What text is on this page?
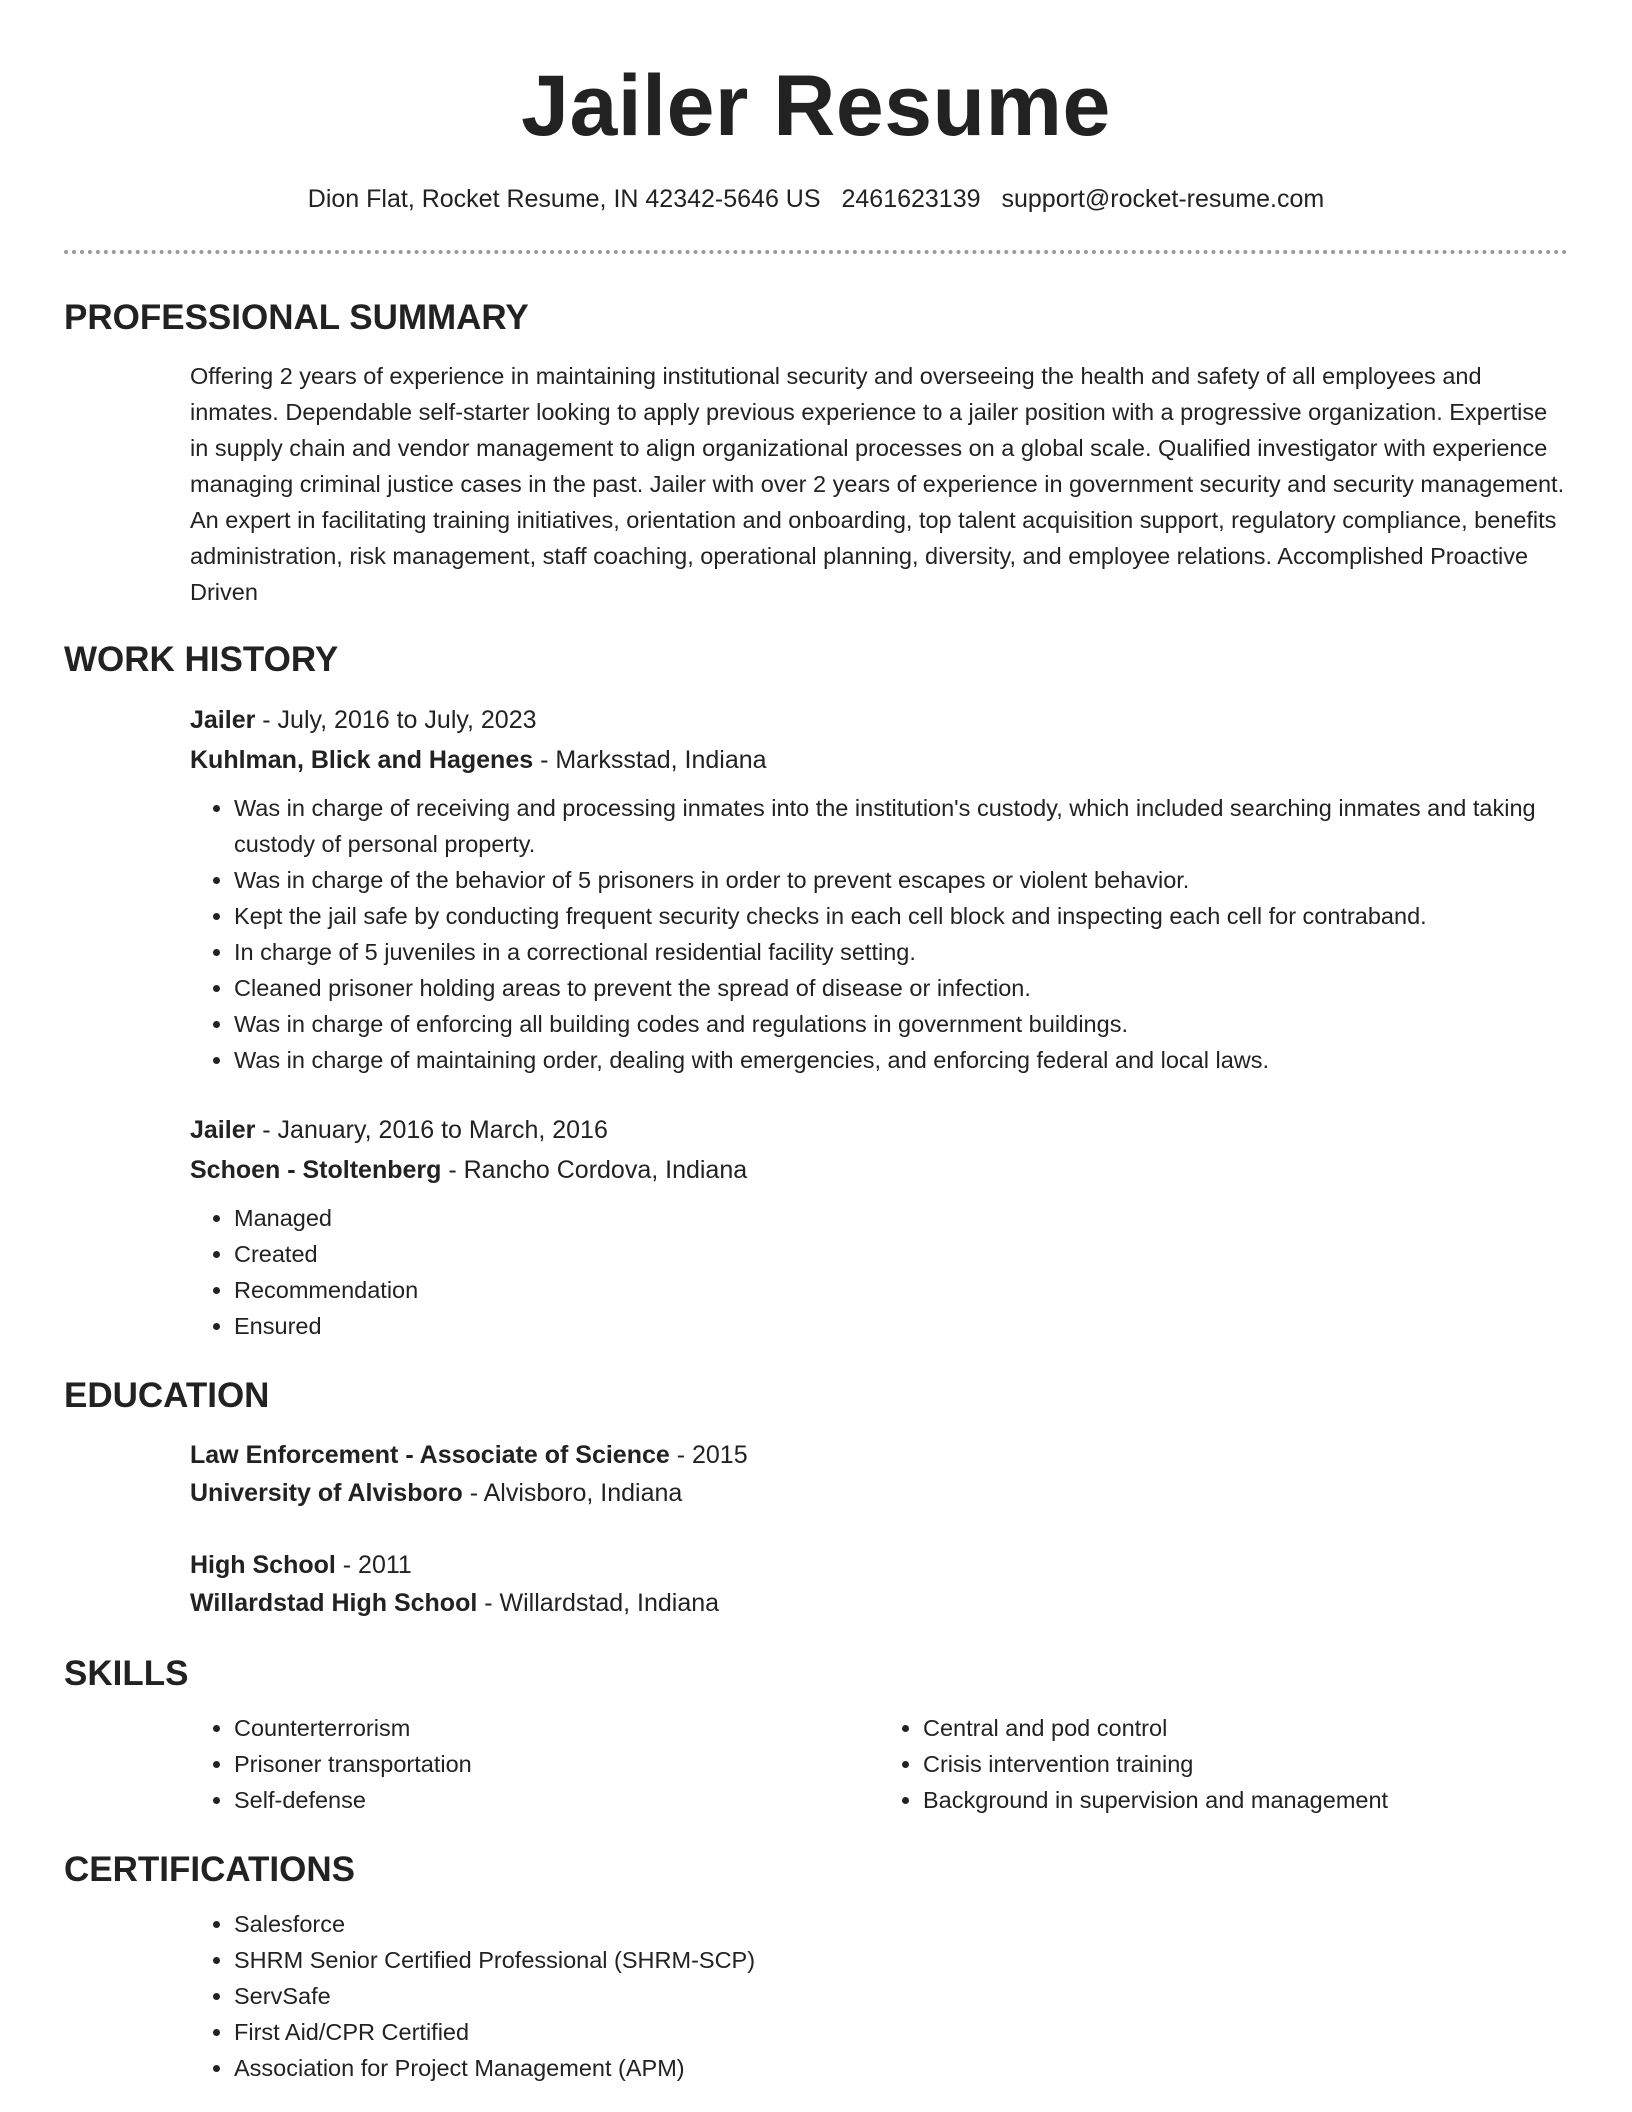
Jailer Resume
Dion Flat, Rocket Resume, IN 42342-5646 US 2461623139 support@rocket-resume.com
PROFESSIONAL SUMMARY

Offering 2 years of experience in maintaining institutional security and overseeing the health and safety of all employees and inmates. Dependable self-starter looking to apply previous experience to a jailer position with a progressive organization. Expertise in supply chain and vendor management to align organizational processes on a global scale. Qualified investigator with experience managing criminal justice cases in the past. Jailer with over 2 years of experience in government security and security management. An expert in facilitating training initiatives, orientation and onboarding, top talent acquisition support, regulatory compliance, benefits administration, risk management, staff coaching, operational planning, diversity, and employee relations. Accomplished Proactive Driven

WORK HISTORY
Jailer - July, 2016 to July, 2023
Kuhlman, Blick and Hagenes - Marksstad, Indiana
• Was in charge of receiving and processing inmates into the institution's custody, which included searching inmates and taking custody of personal property.
• Was in charge of the behavior of 5 prisoners in order to prevent escapes or violent behavior.
• Kept the jail safe by conducting frequent security checks in each cell block and inspecting each cell for contraband.
• In charge of 5 juveniles in a correctional residential facility setting.
• Cleaned prisoner holding areas to prevent the spread of disease or infection.
• Was in charge of enforcing all building codes and regulations in government buildings.
• Was in charge of maintaining order, dealing with emergencies, and enforcing federal and local laws.
Jailer - January, 2016 to March, 2016
Schoen - Stoltenberg - Rancho Cordova, Indiana
• Managed
• Created
• Recommendation
• Ensured
EDUCATION
Law Enforcement - Associate of Science - 2015
University of Alvisboro - Alvisboro, Indiana
High School - 2011
Willardstad High School - Willardstad, Indiana
SKILLS
• Counterterrorism
• Prisoner transportation
• Self-defense
• Central and pod control
• Crisis intervention training
• Background in supervision and management
CERTIFICATIONS
• Salesforce
• SHRM Senior Certified Professional (SHRM-SCP)
• ServSafe
• First Aid/CPR Certified
• Association for Project Management (APM)
